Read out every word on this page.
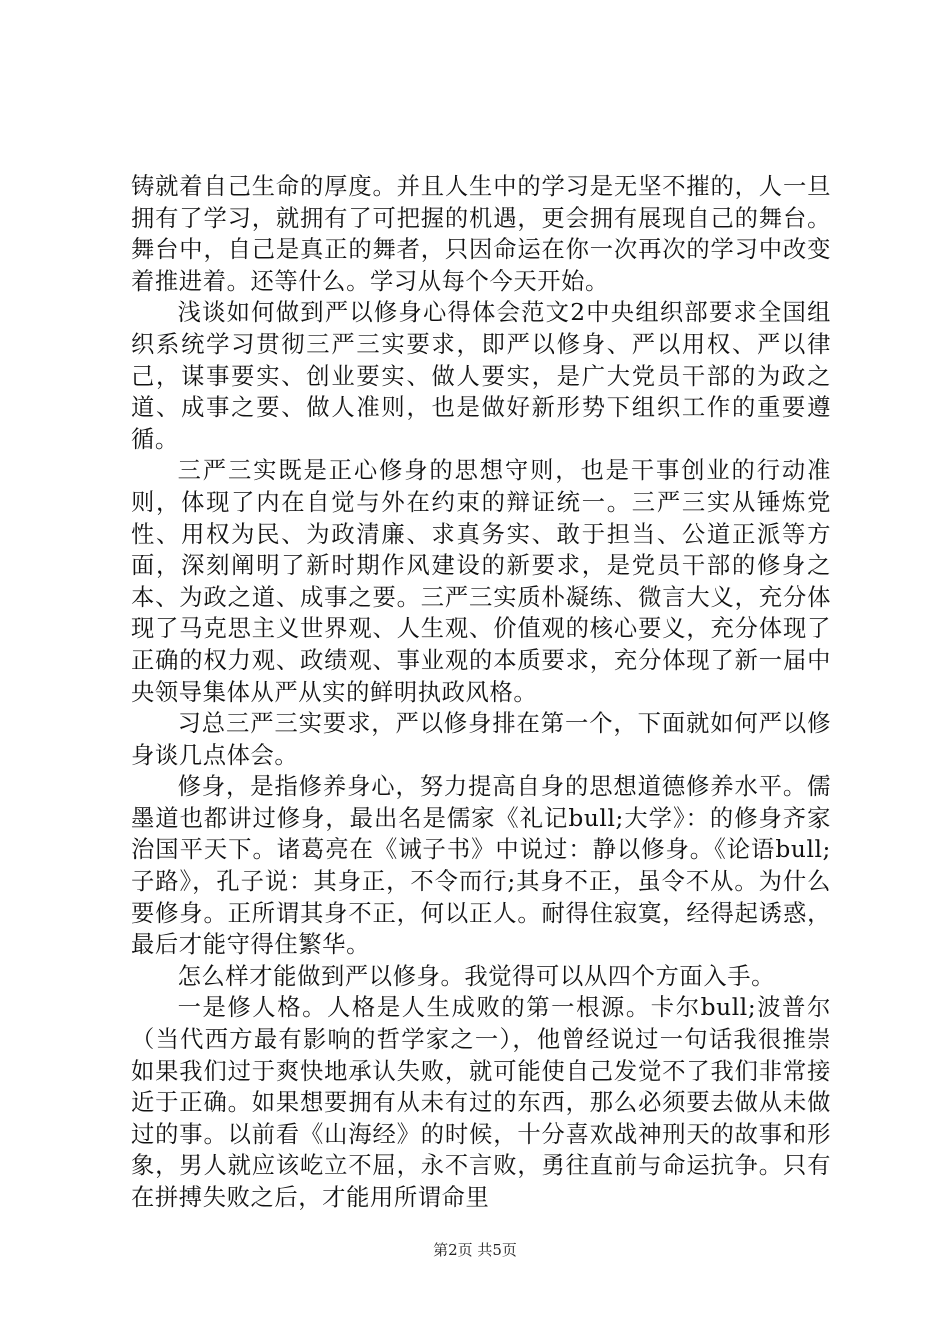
铸就着自己生命的厚度。并且人生中的学习是无坚不摧的，人一旦拥有了学习，就拥有了可把握的机遇，更会拥有展现自己的舞台。舞台中，自己是真正的舞者，只因命运在你一次再次的学习中改变着推进着。还等什么。学习从每个今天开始。

浅谈如何做到严以修身心得体会范文2中央组织部要求全国组织系统学习贯彻三严三实要求，即严以修身、严以用权、严以律己，谋事要实、创业要实、做人要实，是广大党员干部的为政之道、成事之要、做人准则，也是做好新形势下组织工作的重要遵循。

三严三实既是正心修身的思想守则，也是干事创业的行动准则，体现了内在自觉与外在约束的辩证统一。三严三实从锤炼党性、用权为民、为政清廉、求真务实、敢于担当、公道正派等方面，深刻阐明了新时期作风建设的新要求，是党员干部的修身之本、为政之道、成事之要。三严三实质朴凝练、微言大义，充分体现了马克思主义世界观、人生观、价值观的核心要义，充分体现了正确的权力观、政绩观、事业观的本质要求，充分体现了新一届中央领导集体从严从实的鲜明执政风格。

习总三严三实要求，严以修身排在第一个，下面就如何严以修身谈几点体会。

修身，是指修养身心，努力提高自身的思想道德修养水平。儒墨道也都讲过修身，最出名是儒家《礼记bull;大学》：的修身齐家治国平天下。诸葛亮在《诫子书》中说过：静以修身。《论语bull;子路》，孔子说：其身正，不令而行;其身不正，虽令不从。为什么要修身。正所谓其身不正，何以正人。耐得住寂寞，经得起诱惑，最后才能守得住繁华。

怎么样才能做到严以修身。我觉得可以从四个方面入手。

一是修人格。人格是人生成败的第一根源。卡尔bull;波普尔（当代西方最有影响的哲学家之一），他曾经说过一句话我很推崇如果我们过于爽快地承认失败，就可能使自己发觉不了我们非常接近于正确。如果想要拥有从未有过的东西，那么必须要去做从未做过的事。以前看《山海经》的时候，十分喜欢战神刑天的故事和形象，男人就应该屹立不屈，永不言败，勇往直前与命运抗争。只有在拼搏失败之后，才能用所谓命里

第2页 共5页
